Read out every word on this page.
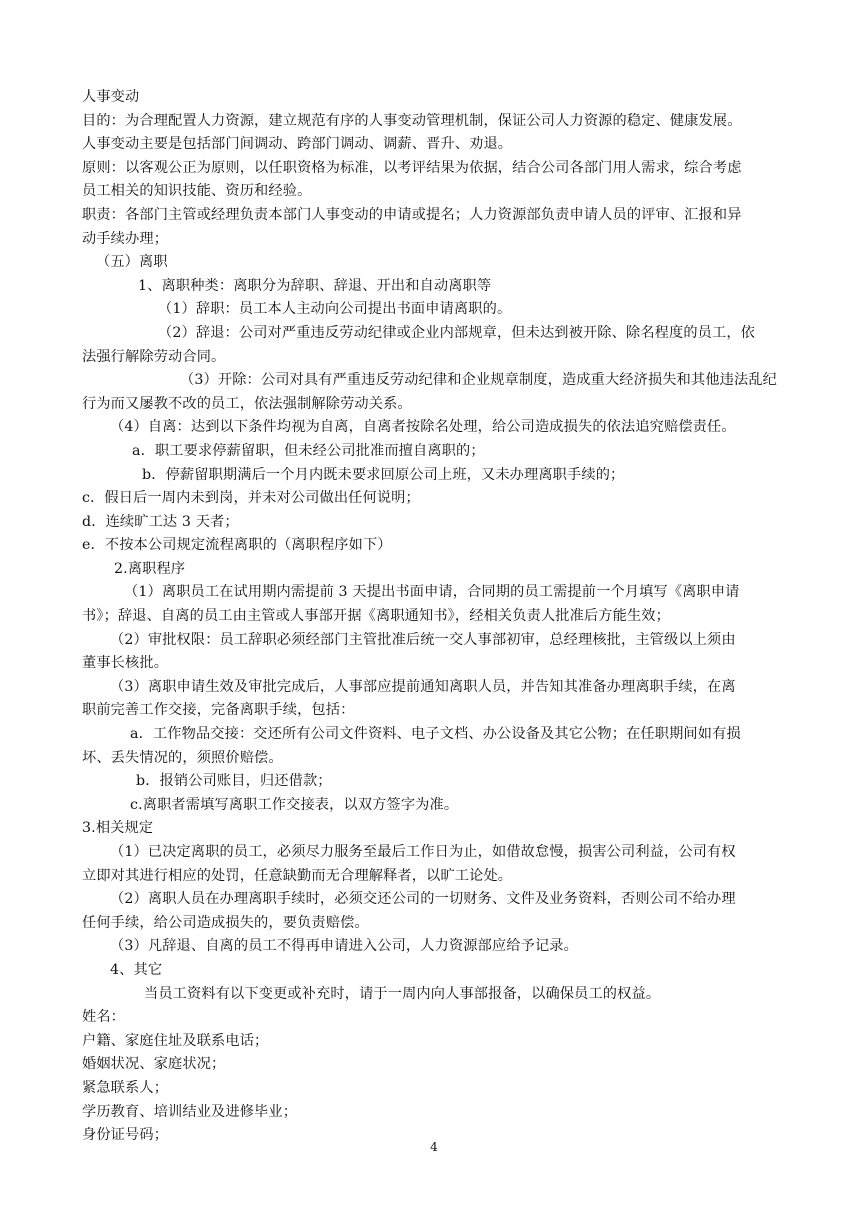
人事变动
目的：为合理配置人力资源，建立规范有序的人事变动管理机制，保证公司人力资源的稳定、健康发展。
人事变动主要是包括部门间调动、跨部门调动、调薪、晋升、劝退。
原则：以客观公正为原则，以任职资格为标准，以考评结果为依据，结合公司各部门用人需求，综合考虑
员工相关的知识技能、资历和经验。
职责：各部门主管或经理负责本部门人事变动的申请或提名；人力资源部负责申请人员的评审、汇报和异
动手续办理；
（五）离职
1、离职种类：离职分为辞职、辞退、开出和自动离职等
（1）辞职：员工本人主动向公司提出书面申请离职的。
（2）辞退：公司对严重违反劳动纪律或企业内部规章，但未达到被开除、除名程度的员工，依
法强行解除劳动合同。
（3）开除：公司对具有严重违反劳动纪律和企业规章制度，造成重大经济损失和其他违法乱纪
行为而又屡教不改的员工，依法强制解除劳动关系。
（4）自离：达到以下条件均视为自离，自离者按除名处理，给公司造成损失的依法追究赔偿责任。
a．职工要求停薪留职，但未经公司批准而擅自离职的；
b．停薪留职期满后一个月内既未要求回原公司上班，又未办理离职手续的；
c．假日后一周内未到岗，并未对公司做出任何说明；
d．连续旷工达 3 天者；
e．不按本公司规定流程离职的（离职程序如下）
2.离职程序
（1）离职员工在试用期内需提前 3 天提出书面申请，合同期的员工需提前一个月填写《离职申请
书》；辞退、自离的员工由主管或人事部开据《离职通知书》，经相关负责人批准后方能生效；
（2）审批权限：员工辞职必须经部门主管批准后统一交人事部初审，总经理核批，主管级以上须由
董事长核批。
（3）离职申请生效及审批完成后，人事部应提前通知离职人员，并告知其准备办理离职手续，在离
职前完善工作交接，完备离职手续，包括：
a．工作物品交接：交还所有公司文件资料、电子文档、办公设备及其它公物；在任职期间如有损
坏、丢失情况的，须照价赔偿。
b．报销公司账目，归还借款；
c.离职者需填写离职工作交接表，以双方签字为准。
3.相关规定
（1）已决定离职的员工，必须尽力服务至最后工作日为止，如借故怠慢，损害公司利益，公司有权
立即对其进行相应的处罚，任意缺勤而无合理解释者，以旷工论处。
（2）离职人员在办理离职手续时，必须交还公司的一切财务、文件及业务资料，否则公司不给办理
任何手续，给公司造成损失的，要负责赔偿。
（3）凡辞退、自离的员工不得再申请进入公司，人力资源部应给予记录。
4、其它
当员工资料有以下变更或补充时，请于一周内向人事部报备，以确保员工的权益。
姓名：
户籍、家庭住址及联系电话；
婚姻状况、家庭状况；
紧急联系人；
学历教育、培训结业及进修毕业；
身份证号码；
4
